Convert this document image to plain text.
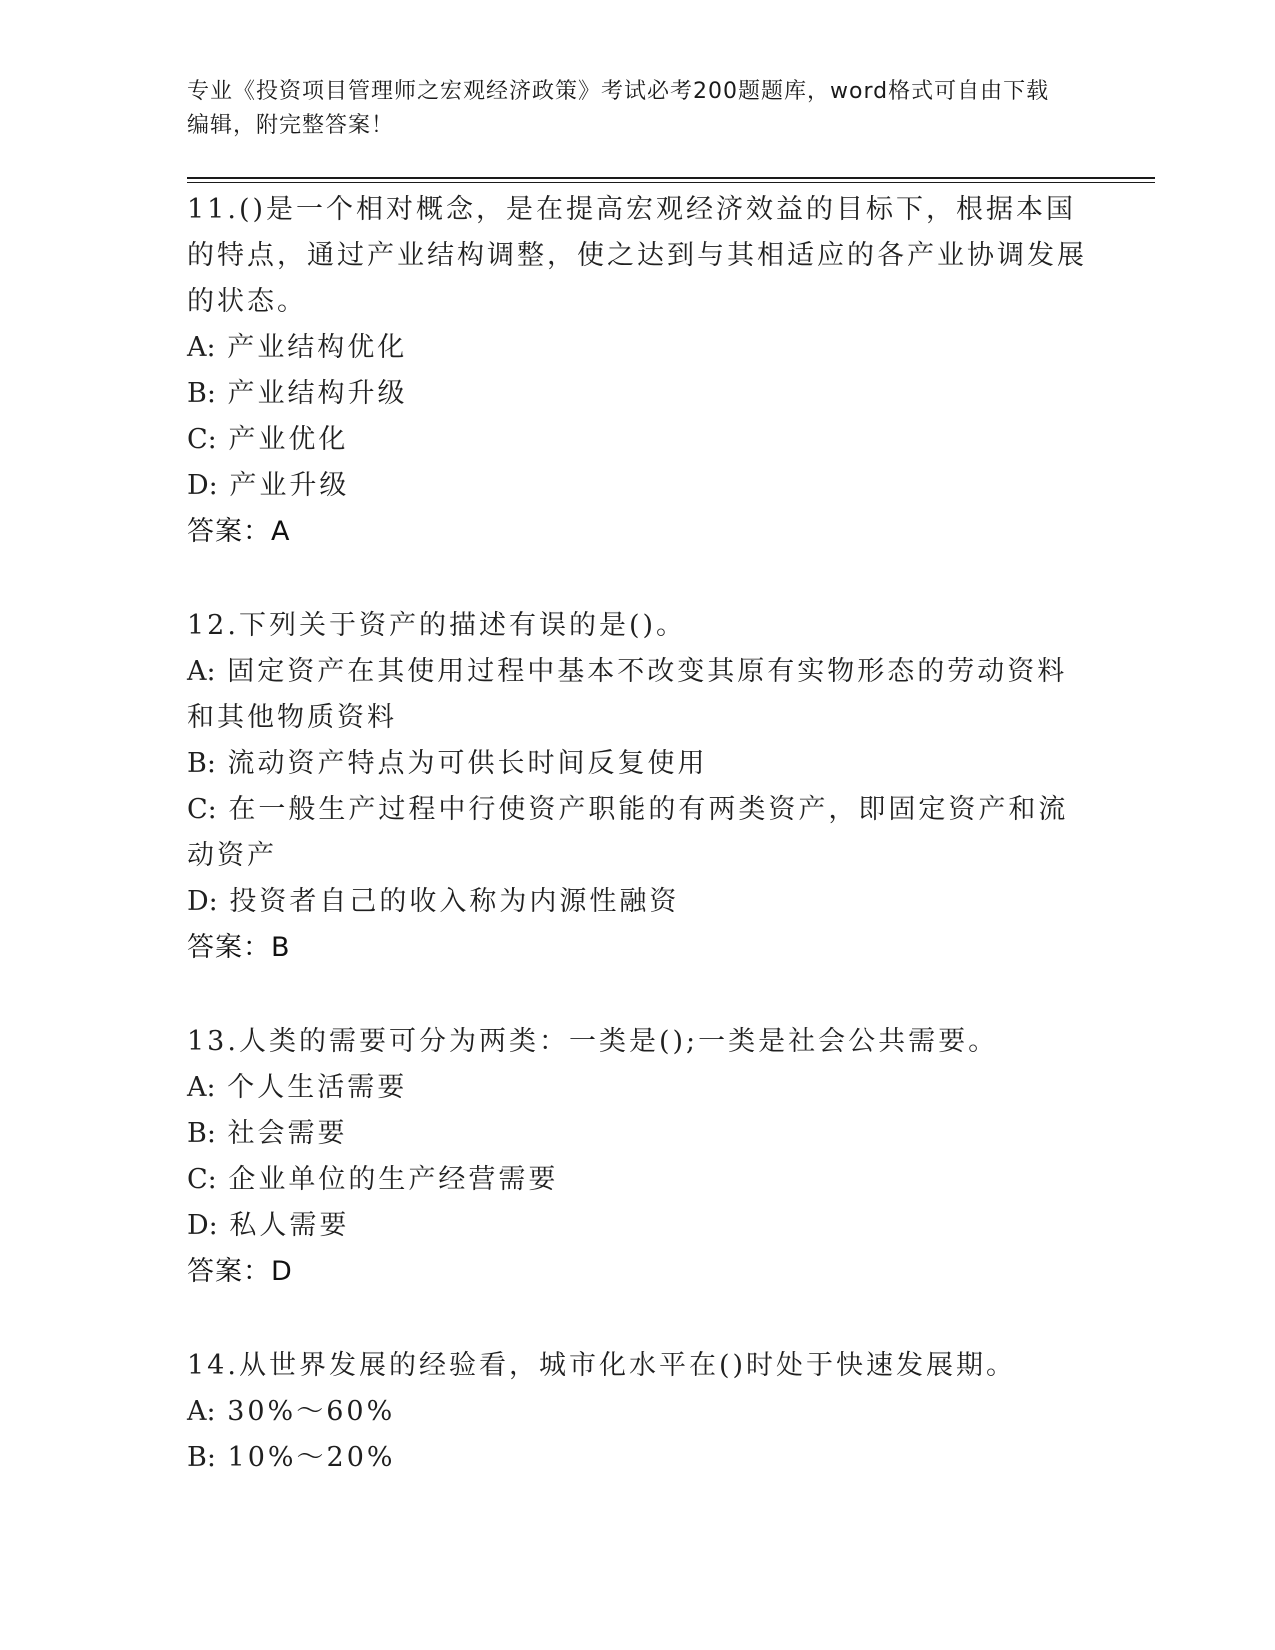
专业《投资项目管理师之宏观经济政策》考试必考200题题库，word格式可自由下载编辑，附完整答案！
11.()是一个相对概念，是在提高宏观经济效益的目标下，根据本国的特点，通过产业结构调整，使之达到与其相适应的各产业协调发展的状态。
A: 产业结构优化
B: 产业结构升级
C: 产业优化
D: 产业升级
答案：A
12.下列关于资产的描述有误的是()。
A: 固定资产在其使用过程中基本不改变其原有实物形态的劳动资料和其他物质资料
B: 流动资产特点为可供长时间反复使用
C: 在一般生产过程中行使资产职能的有两类资产，即固定资产和流动资产
D: 投资者自己的收入称为内源性融资
答案：B
13.人类的需要可分为两类：一类是();一类是社会公共需要。
A: 个人生活需要
B: 社会需要
C: 企业单位的生产经营需要
D: 私人需要
答案：D
14.从世界发展的经验看，城市化水平在()时处于快速发展期。
A: 30%～60%
B: 10%～20%
